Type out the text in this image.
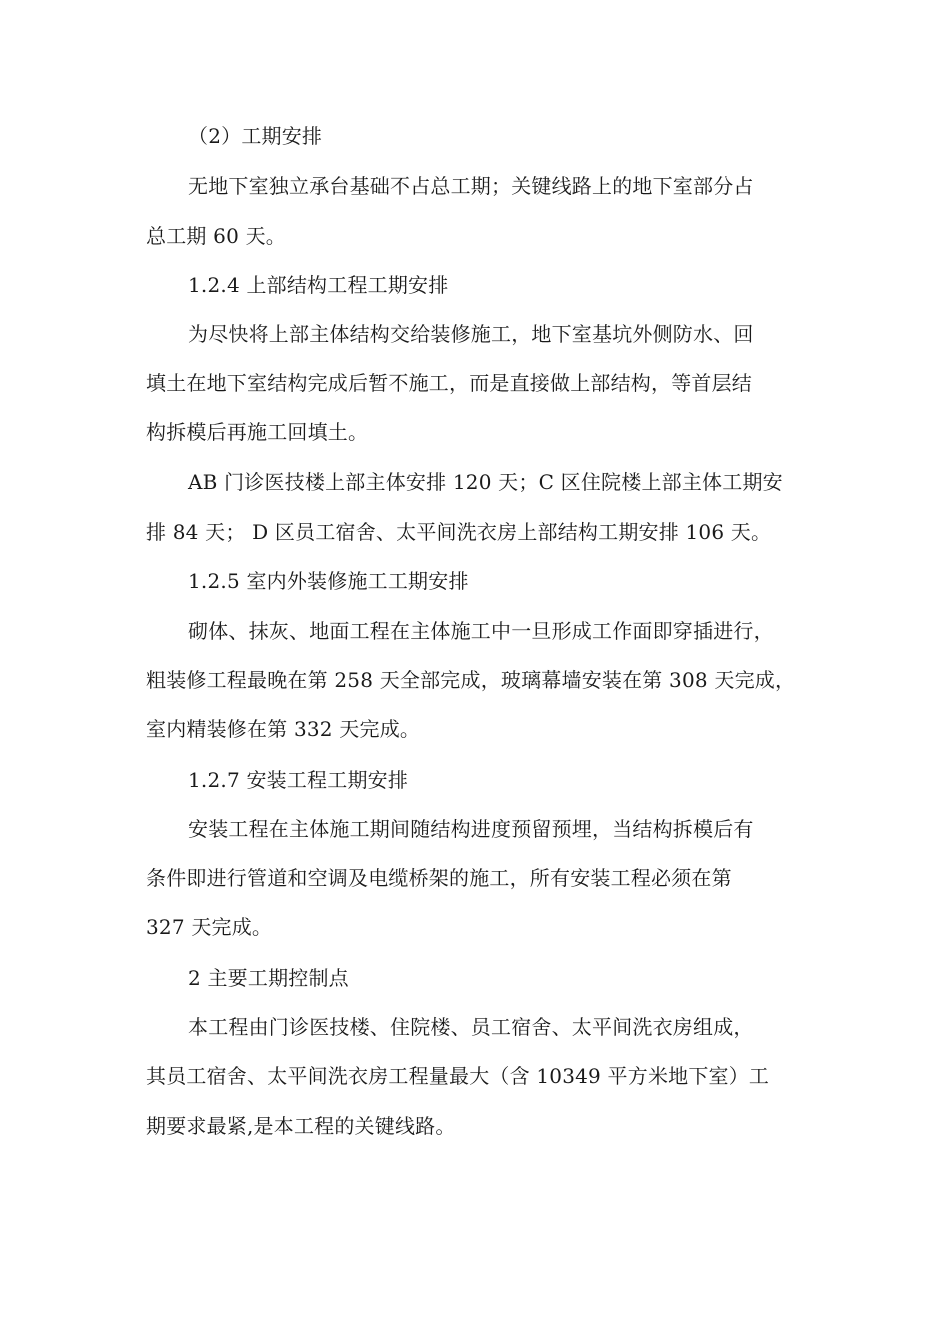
（2）工期安排
无地下室独立承台基础不占总工期；关键线路上的地下室部分占
总工期 60 天。
1.2.4 上部结构工程工期安排
为尽快将上部主体结构交给装修施工，地下室基坑外侧防水、回
填土在地下室结构完成后暂不施工，而是直接做上部结构，等首层结
构拆模后再施工回填土。
AB 门诊医技楼上部主体安排 120 天；C 区住院楼上部主体工期安
排 84 天； D 区员工宿舍、太平间洗衣房上部结构工期安排 106 天。
1.2.5 室内外装修施工工期安排
砌体、抹灰、地面工程在主体施工中一旦形成工作面即穿插进行，
粗装修工程最晚在第 258 天全部完成，玻璃幕墙安装在第 308 天完成，
室内精装修在第 332 天完成。
1.2.7 安装工程工期安排
安装工程在主体施工期间随结构进度预留预埋，当结构拆模后有
条件即进行管道和空调及电缆桥架的施工，所有安装工程必须在第
327 天完成。
2 主要工期控制点
本工程由门诊医技楼、住院楼、员工宿舍、太平间洗衣房组成，
其员工宿舍、太平间洗衣房工程量最大（含 10349 平方米地下室）工
期要求最紧,是本工程的关键线路。
